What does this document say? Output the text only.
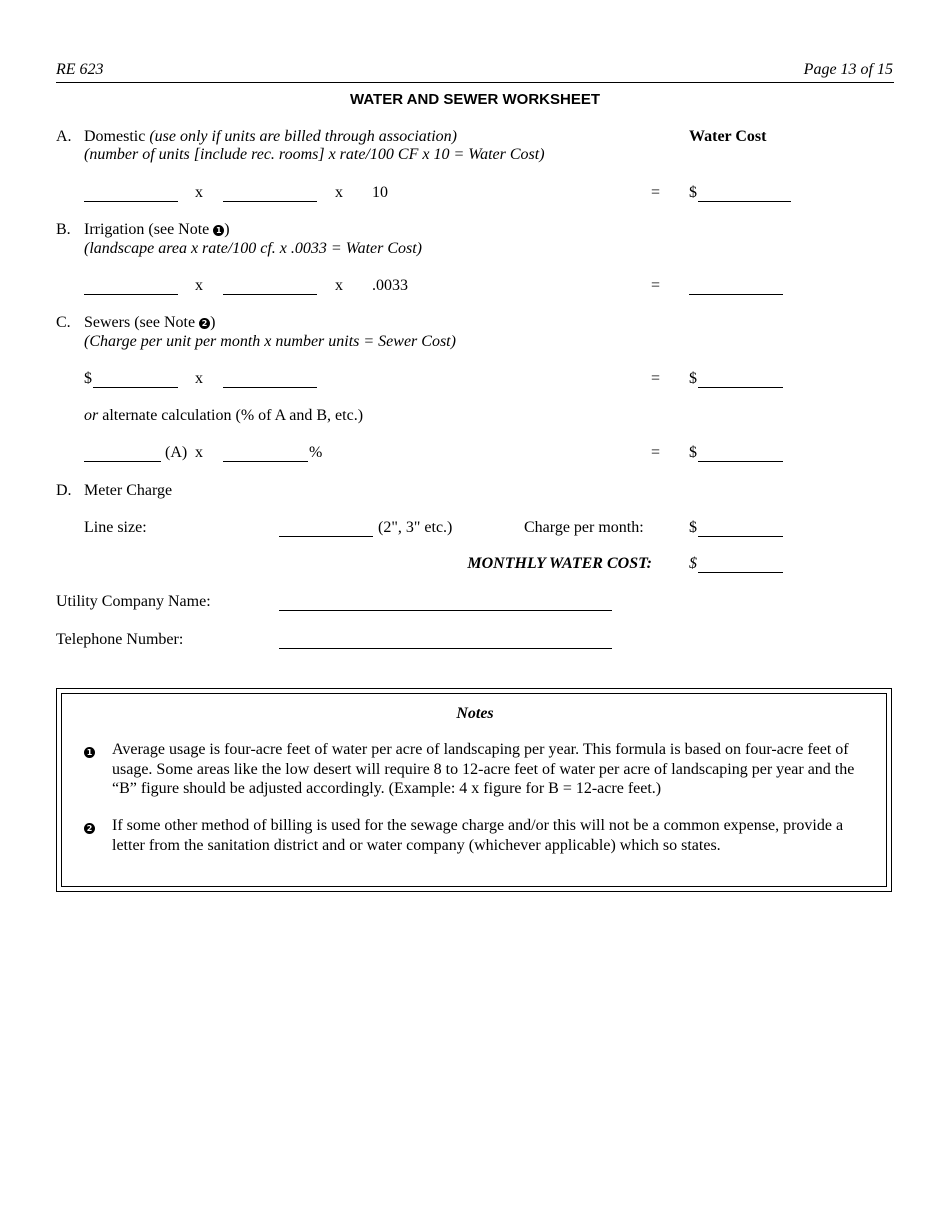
RE 623	Page 13 of 15
WATER AND SEWER WORKSHEET
A. Domestic (use only if units are billed through association)	Water Cost
(number of units [include rec. rooms] x rate/100 CF x 10 = Water Cost)
x	x 10	= $
B. Irrigation (see Note 1 )
(landscape area x rate/100 cf. x .0033 = Water Cost)
x	x .0033	=
C. Sewers (see Note 2 )
(Charge per unit per month x number units = Sewer Cost)
$	x	= $
or alternate calculation (% of A and B, etc.)
(A) x	%	= $
D. Meter Charge
Line size:	(2", 3" etc.)	Charge per month:	$
MONTHLY WATER COST: $
Utility Company Name:
Telephone Number:
Notes
1 Average usage is four-acre feet of water per acre of landscaping per year. This formula is based on four-acre feet of usage. Some areas like the low desert will require 8 to 12-acre feet of water per acre of landscaping per year and the “B” figure should be adjusted accordingly. (Example: 4 x figure for B = 12-acre feet.)
2 If some other method of billing is used for the sewage charge and/or this will not be a common expense, provide a letter from the sanitation district and or water company (whichever applicable) which so states.
